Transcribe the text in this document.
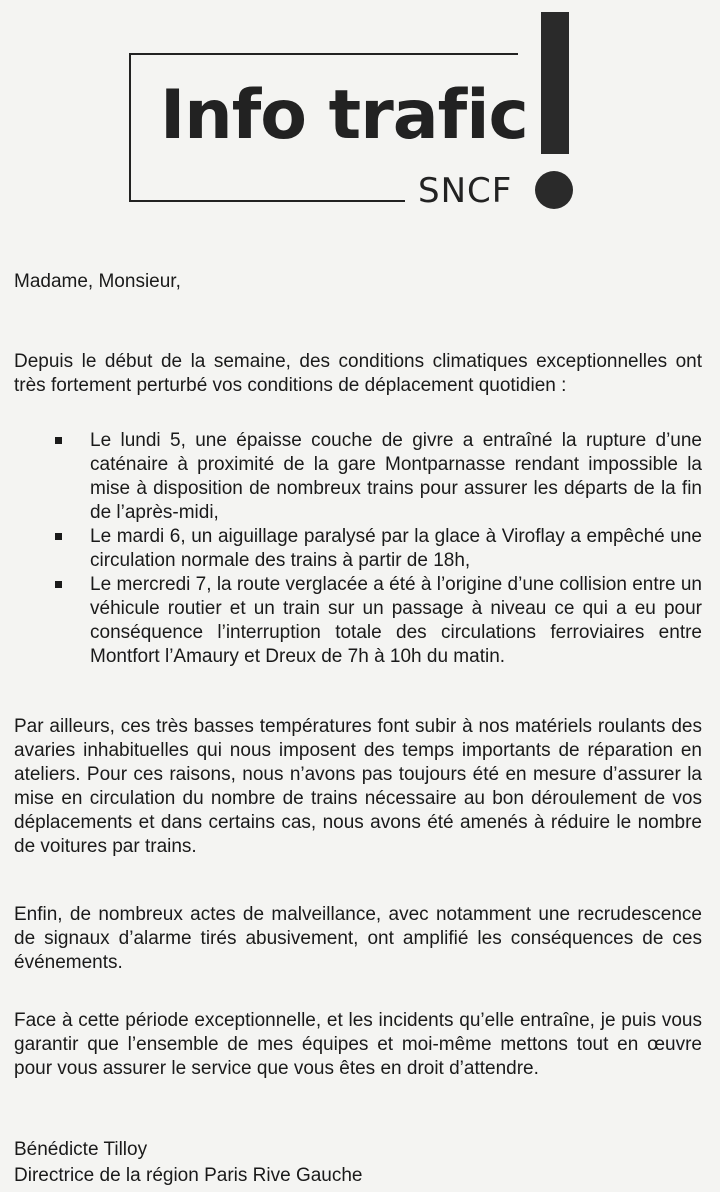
Info trafic
SNCF

Madame, Monsieur,

Depuis le début de la semaine, des conditions climatiques exceptionnelles ont très fortement perturbé vos conditions de déplacement quotidien :

Le lundi 5, une épaisse couche de givre a entraîné la rupture d’une caténaire à proximité de la gare Montparnasse rendant impossible la mise à disposition de nombreux trains pour assurer les départs de la fin de l’après-midi,
Le mardi 6, un aiguillage paralysé par la glace à Viroflay a empêché une circulation normale des trains à partir de 18h,
Le mercredi 7, la route verglacée a été à l’origine d’une collision entre un véhicule routier et un train sur un passage à niveau ce qui a eu pour conséquence l’interruption totale des circulations ferroviaires entre Montfort l’Amaury et Dreux de 7h à 10h du matin.

Par ailleurs, ces très basses températures font subir à nos matériels roulants des avaries inhabituelles qui nous imposent des temps importants de réparation en ateliers. Pour ces raisons, nous n’avons pas toujours été en mesure d’assurer la mise en circulation du nombre de trains nécessaire au bon déroulement de vos déplacements et dans certains cas, nous avons été amenés à réduire le nombre de voitures par trains.

Enfin, de nombreux actes de malveillance, avec notamment une recrudescence de signaux d’alarme tirés abusivement, ont amplifié les conséquences de ces événements.

Face à cette période exceptionnelle, et les incidents qu’elle entraîne, je puis vous garantir que l’ensemble de mes équipes et moi-même mettons tout en œuvre pour vous assurer le service que vous êtes en droit d’attendre.

Bénédicte Tilloy

Directrice de la région Paris Rive Gauche
